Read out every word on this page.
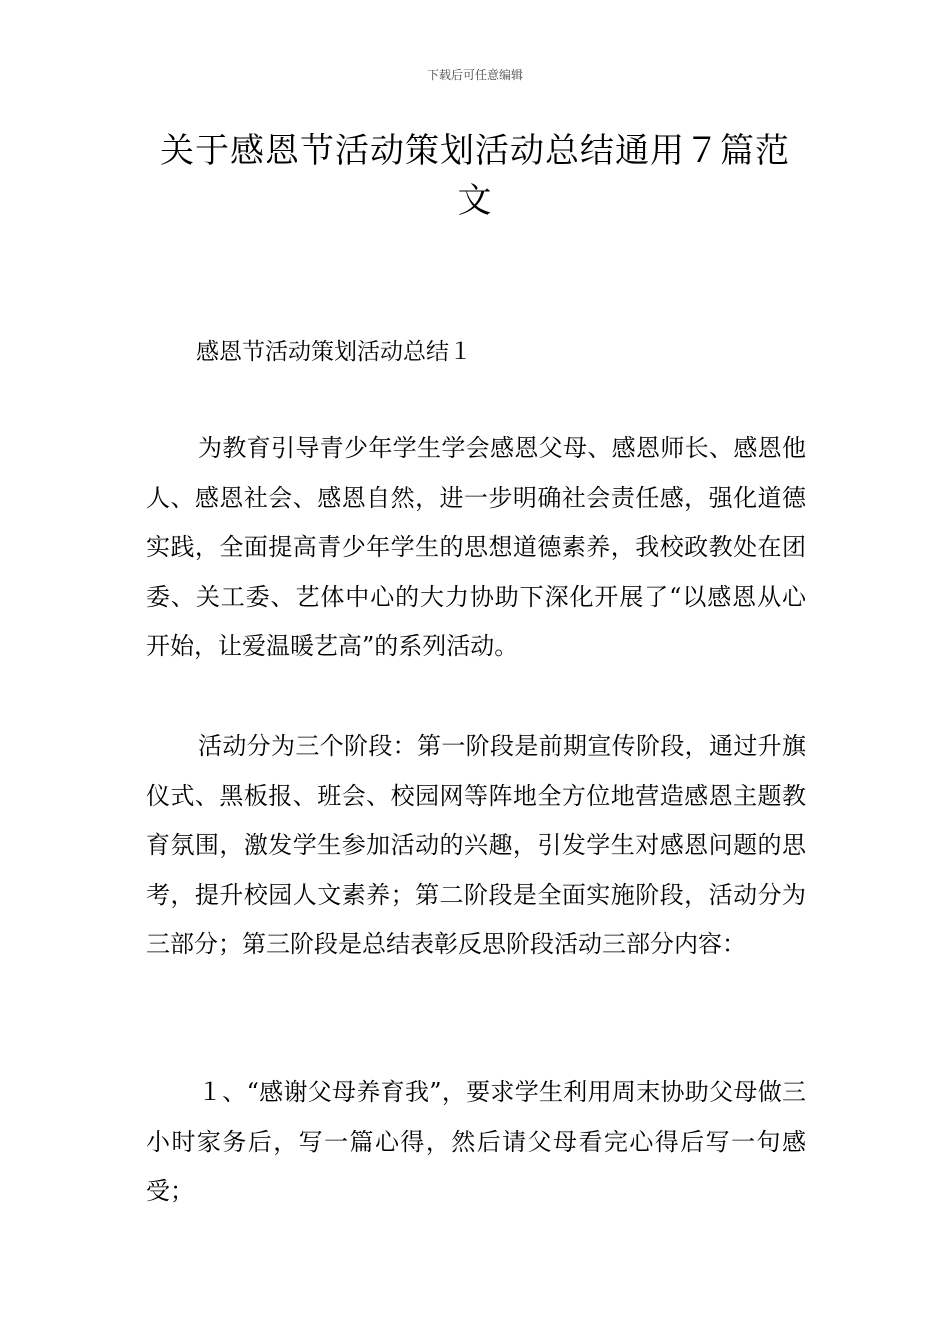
下载后可任意编辑
关于感恩节活动策划活动总结通用７篇范文
感恩节活动策划活动总结１

为教育引导青少年学生学会感恩父母、感恩师长、感恩他人、感恩社会、感恩自然，进一步明确社会责任感，强化道德实践，全面提高青少年学生的思想道德素养，我校政教处在团委、关工委、艺体中心的大力协助下深化开展了“以感恩从心开始，让爱温暖艺高”的系列活动。

活动分为三个阶段：第一阶段是前期宣传阶段，通过升旗仪式、黑板报、班会、校园网等阵地全方位地营造感恩主题教育氛围，激发学生参加活动的兴趣，引发学生对感恩问题的思考，提升校园人文素养；第二阶段是全面实施阶段，活动分为三部分；第三阶段是总结表彰反思阶段活动三部分内容：

１、“感谢父母养育我”，要求学生利用周末协助父母做三小时家务后，写一篇心得，然后请父母看完心得后写一句感受；
